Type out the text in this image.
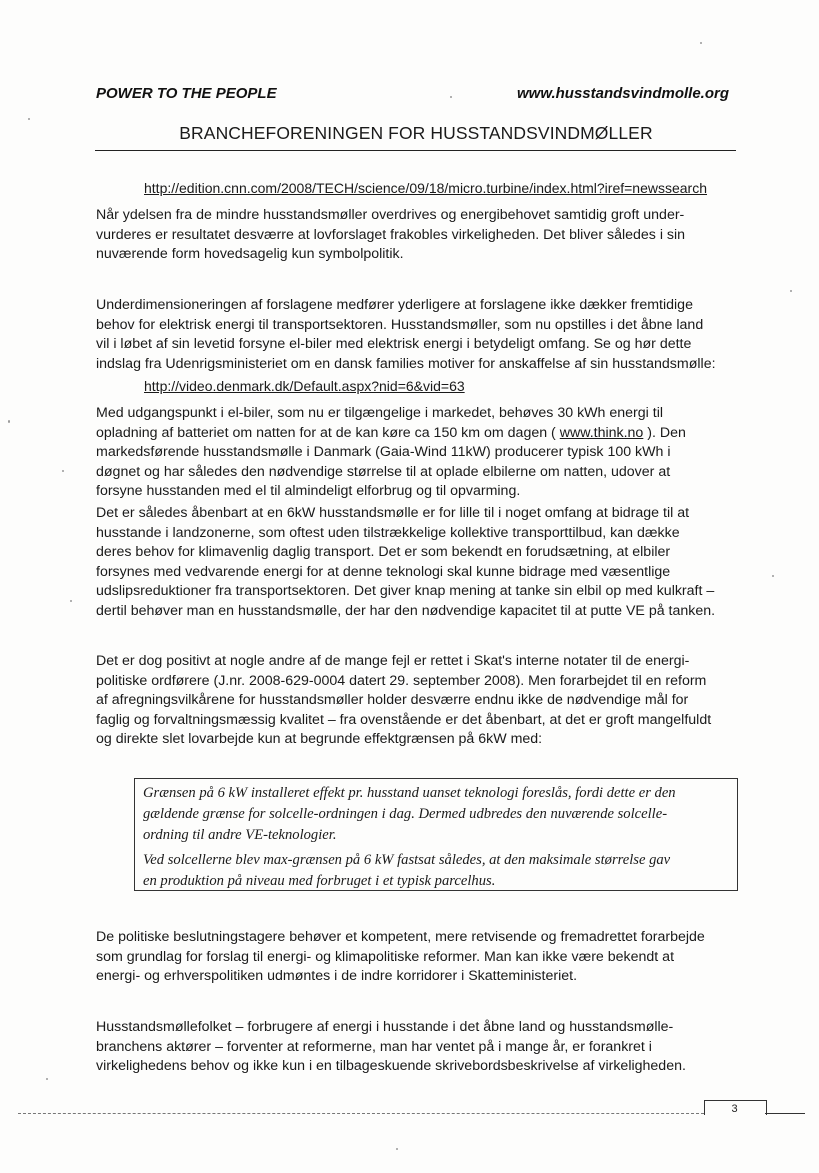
POWER TO THE PEOPLE	www.husstandsvindmolle.org
BRANCHEFORENINGEN FOR HUSSTANDSVINDMØLLER
http://edition.cnn.com/2008/TECH/science/09/18/micro.turbine/index.html?iref=newssearch
Når ydelsen fra de mindre husstandsmøller overdrives og energibehovet samtidig groft under-
vurderes er resultatet desværre at lovforslaget frakobles virkeligheden. Det bliver således i sin
nuværende form hovedsagelig kun symbolpolitik.
Underdimensioneringen af forslagene medfører yderligere at forslagene ikke dækker fremtidige
behov for elektrisk energi til transportsektoren. Husstandsmøller, som nu opstilles i det åbne land
vil i løbet af sin levetid forsyne el-biler med elektrisk energi i betydeligt omfang. Se og hør dette
indslag fra Udenrigsministeriet om en dansk families motiver for anskaffelse af sin husstandsmølle:
http://video.denmark.dk/Default.aspx?nid=6&vid=63
Med udgangspunkt i el-biler, som nu er tilgængelige i markedet, behøves 30 kWh energi til
opladning af batteriet om natten for at de kan køre ca 150 km om dagen ( www.think.no ). Den
markedsførende husstandsmølle i Danmark (Gaia-Wind 11kW) producerer typisk 100 kWh i
døgnet og har således den nødvendige størrelse til at oplade elbilerne om natten, udover at
forsyne husstanden med el til almindeligt elforbrug og til opvarming.
Det er således åbenbart at en 6kW husstandsmølle er for lille til i noget omfang at bidrage til at
husstande i landzonerne, som oftest uden tilstrækkelige kollektive transporttilbud, kan dække
deres behov for klimavenlig daglig transport. Det er som bekendt en forudsætning, at elbiler
forsynes med vedvarende energi for at denne teknologi skal kunne bidrage med væsentlige
udslipsreduktioner fra transportsektoren. Det giver knap mening at tanke sin elbil op med kulkraft –
dertil behøver man en husstandsmølle, der har den nødvendige kapacitet til at putte VE på tanken.
Det er dog positivt at nogle andre af de mange fejl er rettet i Skat's interne notater til de energi-
politiske ordførere (J.nr. 2008-629-0004 datert 29. september 2008). Men forarbejdet til en reform
af afregningsvilkårene for husstandsmøller holder desværre endnu ikke de nødvendige mål for
faglig og forvaltningsmæssig kvalitet – fra ovenstående er det åbenbart, at det er groft mangelfuldt
og direkte slet lovarbejde kun at begrunde effektgrænsen på 6kW med:
Grænsen på 6 kW installeret effekt pr. husstand uanset teknologi foreslås, fordi dette er den
gældende grænse for solcelle-ordningen i dag. Dermed udbredes den nuværende solcelle-
ordning til andre VE-teknologier.
Ved solcellerne blev max-grænsen på 6 kW fastsat således, at den maksimale størrelse gav
en produktion på niveau med forbruget i et typisk parcelhus.
De politiske beslutningstagere behøver et kompetent, mere retvisende og fremadrettet forarbejde
som grundlag for forslag til energi- og klimapolitiske reformer. Man kan ikke være bekendt at
energi- og erhverspolitiken udmøntes i de indre korridorer i Skatteministeriet.
Husstandsmøllefolket – forbrugere af energi i husstande i det åbne land og husstandsmølle-
branchens aktører – forventer at reformerne, man har ventet på i mange år, er forankret i
virkelighedens behov og ikke kun i en tilbageskuende skrivebordsbeskrivelse af virkeligheden.
3
